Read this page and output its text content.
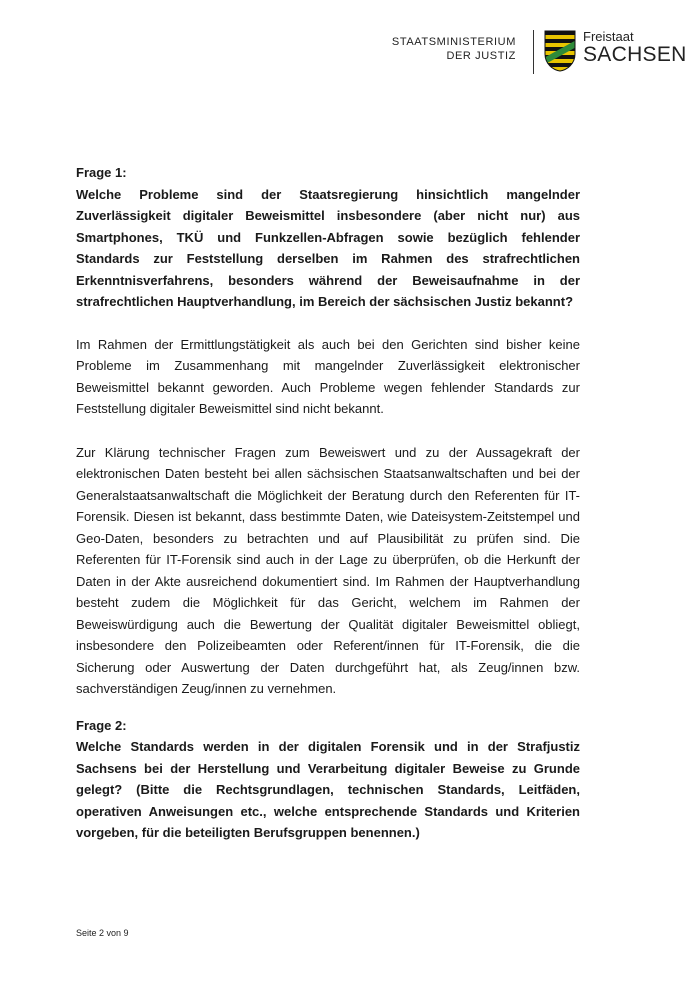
STAATSMINISTERIUM
DER JUSTIZ
Freistaat
SACHSEN

Frage 1:

Welche Probleme sind der Staatsregierung hinsichtlich mangelnder Zuverlässigkeit digitaler Beweismittel insbesondere (aber nicht nur) aus Smartphones, TKÜ und Funkzellen-Abfragen sowie bezüglich fehlender Standards zur Feststellung derselben im Rahmen des strafrechtlichen Erkenntnisverfahrens, besonders während der Beweisaufnahme in der strafrechtlichen Hauptverhandlung, im Bereich der sächsischen Justiz bekannt?

Im Rahmen der Ermittlungstätigkeit als auch bei den Gerichten sind bisher keine Probleme im Zusammenhang mit mangelnder Zuverlässigkeit elektronischer Beweismittel bekannt geworden. Auch Probleme wegen fehlender Standards zur Feststellung digitaler Beweismittel sind nicht bekannt.

Zur Klärung technischer Fragen zum Beweiswert und zu der Aussagekraft der elektronischen Daten besteht bei allen sächsischen Staatsanwaltschaften und bei der Generalstaatsanwaltschaft die Möglichkeit der Beratung durch den Referenten für IT-Forensik. Diesen ist bekannt, dass bestimmte Daten, wie Dateisystem-Zeitstempel und Geo-Daten, besonders zu betrachten und auf Plausibilität zu prüfen sind. Die Referenten für IT-Forensik sind auch in der Lage zu überprüfen, ob die Herkunft der Daten in der Akte ausreichend dokumentiert sind. Im Rahmen der Hauptverhandlung besteht zudem die Möglichkeit für das Gericht, welchem im Rahmen der Beweiswürdigung auch die Bewertung der Qualität digitaler Beweismittel obliegt, insbesondere den Polizeibeamten oder Referent/innen für IT-Forensik, die die Sicherung oder Auswertung der Daten durchgeführt hat, als Zeug/innen bzw. sachverständigen Zeug/innen zu vernehmen.

Frage 2:

Welche Standards werden in der digitalen Forensik und in der Strafjustiz Sachsens bei der Herstellung und Verarbeitung digitaler Beweise zu Grunde gelegt? (Bitte die Rechtsgrundlagen, technischen Standards, Leitfäden, operativen Anweisungen etc., welche entsprechende Standards und Kriterien vorgeben, für die beteiligten Berufsgruppen benennen.)

Seite 2 von 9
